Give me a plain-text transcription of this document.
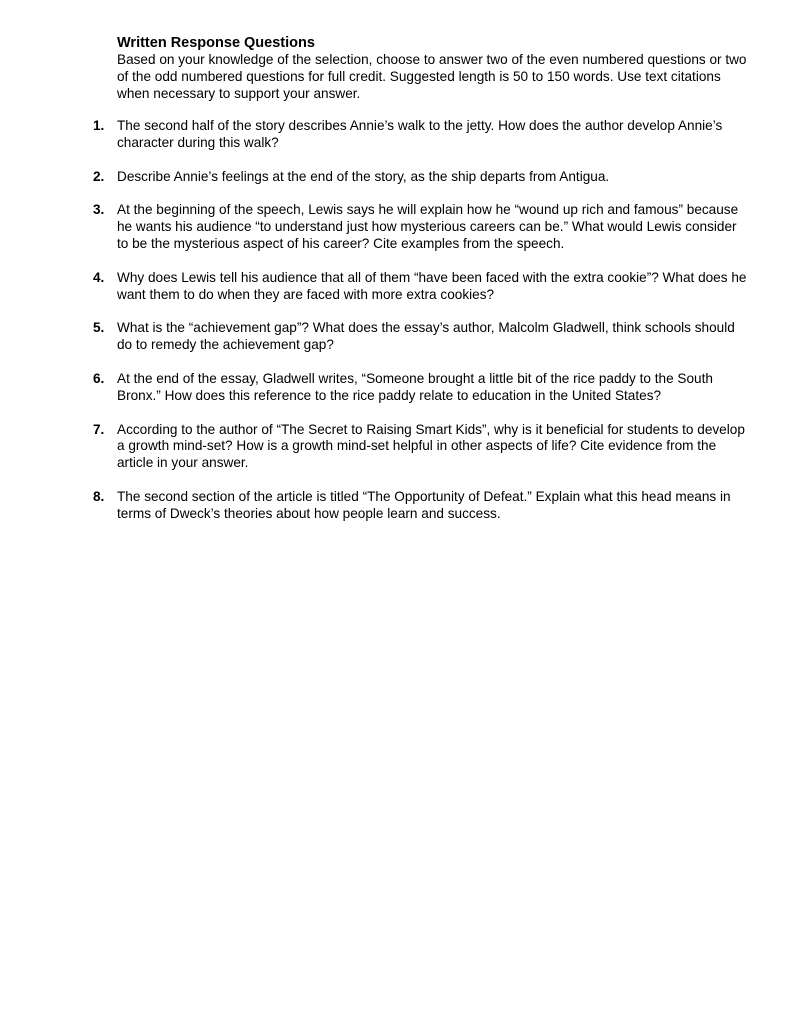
Written Response Questions

Based on your knowledge of the selection, choose to answer two of the even numbered questions or two of the odd numbered questions for full credit. Suggested length is 50 to 150 words. Use text citations when necessary to support your answer.

1. The second half of the story describes Annie’s walk to the jetty. How does the author develop Annie’s character during this walk?
2. Describe Annie’s feelings at the end of the story, as the ship departs from Antigua.
3. At the beginning of the speech, Lewis says he will explain how he “wound up rich and famous” because he wants his audience “to understand just how mysterious careers can be.” What would Lewis consider to be the mysterious aspect of his career? Cite examples from the speech.
4. Why does Lewis tell his audience that all of them “have been faced with the extra cookie”? What does he want them to do when they are faced with more extra cookies?
5. What is the “achievement gap”? What does the essay’s author, Malcolm Gladwell, think schools should do to remedy the achievement gap?
6. At the end of the essay, Gladwell writes, “Someone brought a little bit of the rice paddy to the South Bronx.” How does this reference to the rice paddy relate to education in the United States?
7. According to the author of “The Secret to Raising Smart Kids”, why is it beneficial for students to develop a growth mind-set? How is a growth mind-set helpful in other aspects of life? Cite evidence from the article in your answer.
8. The second section of the article is titled “The Opportunity of Defeat.” Explain what this head means in terms of Dweck’s theories about how people learn and success.
